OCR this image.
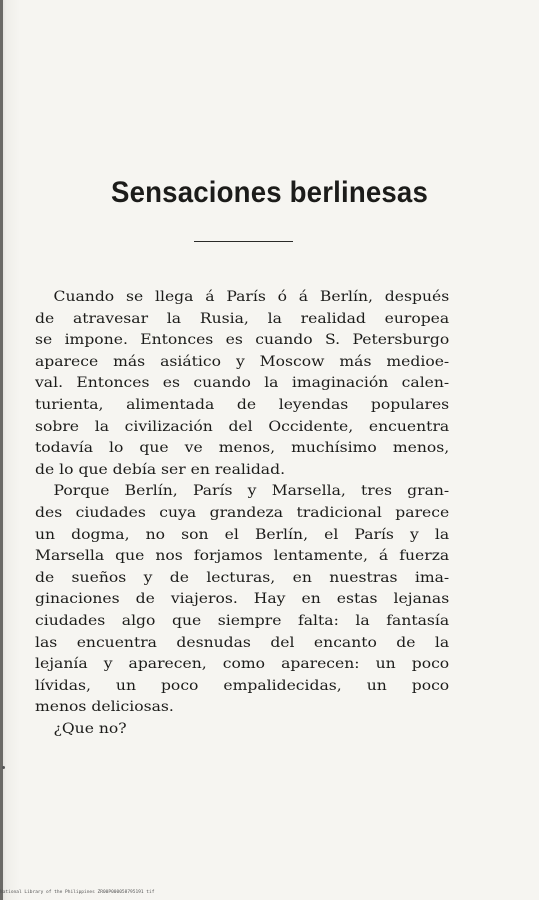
Sensaciones berlinesas
Cuando se llega á París ó á Berlín, después
de atravesar la Rusia, la realidad europea
se impone. Entonces es cuando S. Petersburgo
aparece más asiático y Moscow más medioe-
val. Entonces es cuando la imaginación calen-
turienta, alimentada de leyendas populares
sobre la civilización del Occidente, encuentra
todavía lo que ve menos, muchísimo menos,
de lo que debía ser en realidad.
Porque Berlín, París y Marsella, tres gran-
des ciudades cuya grandeza tradicional parece
un dogma, no son el Berlín, el París y la
Marsella que nos forjamos lentamente, á fuerza
de sueños y de lecturas, en nuestras ima-
ginaciones de viajeros. Hay en estas lejanas
ciudades algo que siempre falta: la fantasía
las encuentra desnudas del encanto de la
lejanía y aparecen, como aparecen: un poco
lívidas, un poco empalidecidas, un poco
menos deliciosas.
¿Que no?
National Library of the Philippines ZR00P000058795191 tif
